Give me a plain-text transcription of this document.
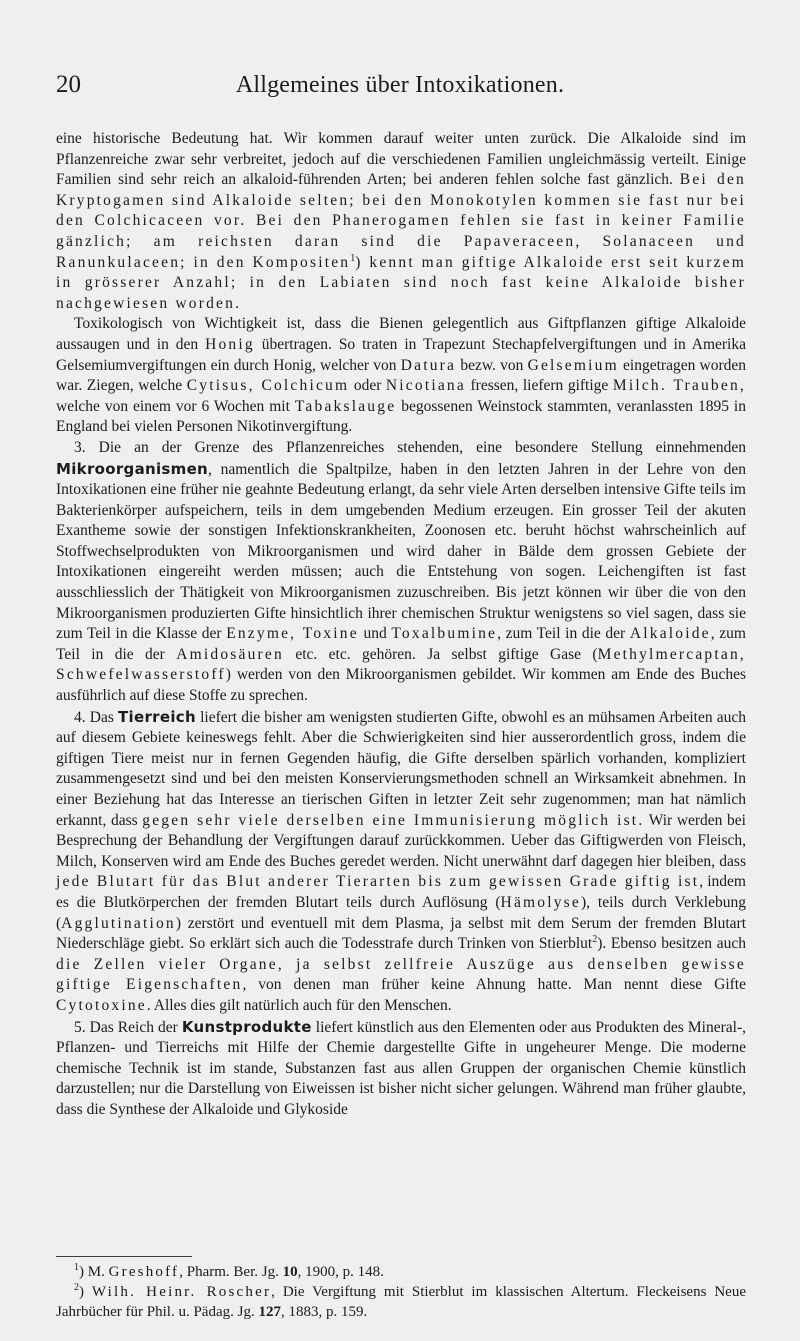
20	Allgemeines über Intoxikationen.

eine historische Bedeutung hat. Wir kommen darauf weiter unten zurück. Die Alkaloide sind im Pflanzenreiche zwar sehr verbreitet, jedoch auf die verschiedenen Familien ungleichmässig verteilt. Einige Familien sind sehr reich an alkaloid-führenden Arten; bei anderen fehlen solche fast gänzlich. Bei den Kryptogamen sind Alkaloide selten; bei den Monokotylen kommen sie fast nur bei den Colchicaceen vor. Bei den Phanerogamen fehlen sie fast in keiner Familie gänzlich; am reichsten daran sind die Papaveraceen, Solanaceen und Ranunkulaceen; in den Kompositen$^1$) kennt man giftige Alkaloide erst seit kurzem in grösserer Anzahl; in den Labiaten sind noch fast keine Alkaloide bisher nachgewiesen worden.

Toxikologisch von Wichtigkeit ist, dass die Bienen gelegentlich aus Giftpflanzen giftige Alkaloide aussaugen und in den Honig übertragen. So traten in Trapezunt Stechapfelvergiftungen und in Amerika Gelsemiumvergiftungen ein durch Honig, welcher von Datura bezw. von Gelsemium eingetragen worden war. Ziegen, welche Cytisus, Colchicum oder Nicotiana fressen, liefern giftige Milch. Trauben, welche von einem vor 6 Wochen mit Tabakslauge begossenen Weinstock stammten, veranlassten 1895 in England bei vielen Personen Nikotinvergiftung.

3. Die an der Grenze des Pflanzenreiches stehenden, eine besondere Stellung einnehmenden Mikroorganismen, namentlich die Spaltpilze, haben in den letzten Jahren in der Lehre von den Intoxikationen eine früher nie geahnte Bedeutung erlangt, da sehr viele Arten derselben intensive Gifte teils im Bakterienkörper aufspeichern, teils in dem umgebenden Medium erzeugen. Ein grosser Teil der akuten Exantheme sowie der sonstigen Infektionskrankheiten, Zoonosen etc. beruht höchst wahrscheinlich auf Stoffwechselprodukten von Mikroorganismen und wird daher in Bälde dem grossen Gebiete der Intoxikationen eingereiht werden müssen; auch die Entstehung von sogen. Leichengiften ist fast ausschliesslich der Thätigkeit von Mikroorganismen zuzuschreiben. Bis jetzt können wir über die von den Mikroorganismen produzierten Gifte hinsichtlich ihrer chemischen Struktur wenigstens so viel sagen, dass sie zum Teil in die Klasse der Enzyme, Toxine und Toxalbumine, zum Teil in die der Alkaloide, zum Teil in die der Amidosäuren etc. etc. gehören. Ja selbst giftige Gase (Methylmercaptan, Schwefelwasserstoff) werden von den Mikroorganismen gebildet. Wir kommen am Ende des Buches ausführlich auf diese Stoffe zu sprechen.

4. Das Tierreich liefert die bisher am wenigsten studierten Gifte, obwohl es an mühsamen Arbeiten auch auf diesem Gebiete keineswegs fehlt. Aber die Schwierigkeiten sind hier ausserordentlich gross, indem die giftigen Tiere meist nur in fernen Gegenden häufig, die Gifte derselben spärlich vorhanden, kompliziert zusammengesetzt sind und bei den meisten Konservierungsmethoden schnell an Wirksamkeit abnehmen. In einer Beziehung hat das Interesse an tierischen Giften in letzter Zeit sehr zugenommen; man hat nämlich erkannt, dass gegen sehr viele derselben eine Immunisierung möglich ist. Wir werden bei Besprechung der Behandlung der Vergiftungen darauf zurückkommen. Ueber das Giftigwerden von Fleisch, Milch, Konserven wird am Ende des Buches geredet werden. Nicht unerwähnt darf dagegen hier bleiben, dass jede Blutart für das Blut anderer Tierarten bis zum gewissen Grade giftig ist, indem es die Blutkörperchen der fremden Blutart teils durch Auflösung (Hämolyse), teils durch Verklebung (Agglutination) zerstört und eventuell mit dem Plasma, ja selbst mit dem Serum der fremden Blutart Niederschläge giebt. So erklärt sich auch die Todesstrafe durch Trinken von Stierblut$^2$). Ebenso besitzen auch die Zellen vieler Organe, ja selbst zellfreie Auszüge aus denselben gewisse giftige Eigenschaften, von denen man früher keine Ahnung hatte. Man nennt diese Gifte Cytotoxine. Alles dies gilt natürlich auch für den Menschen.

5. Das Reich der Kunstprodukte liefert künstlich aus den Elementen oder aus Produkten des Mineral-, Pflanzen- und Tierreichs mit Hilfe der Chemie dargestellte Gifte in ungeheurer Menge. Die moderne chemische Technik ist im stande, Substanzen fast aus allen Gruppen der organischen Chemie künstlich darzustellen; nur die Darstellung von Eiweissen ist bisher nicht sicher gelungen. Während man früher glaubte, dass die Synthese der Alkaloide und Glykoside

$^1$) M. Greshoff, Pharm. Ber. Jg. 10, 1900, p. 148.

$^2$) Wilh. Heinr. Roscher, Die Vergiftung mit Stierblut im klassischen Altertum. Fleckeisens Neue Jahrbücher für Phil. u. Pädag. Jg. 127, 1883, p. 159.
